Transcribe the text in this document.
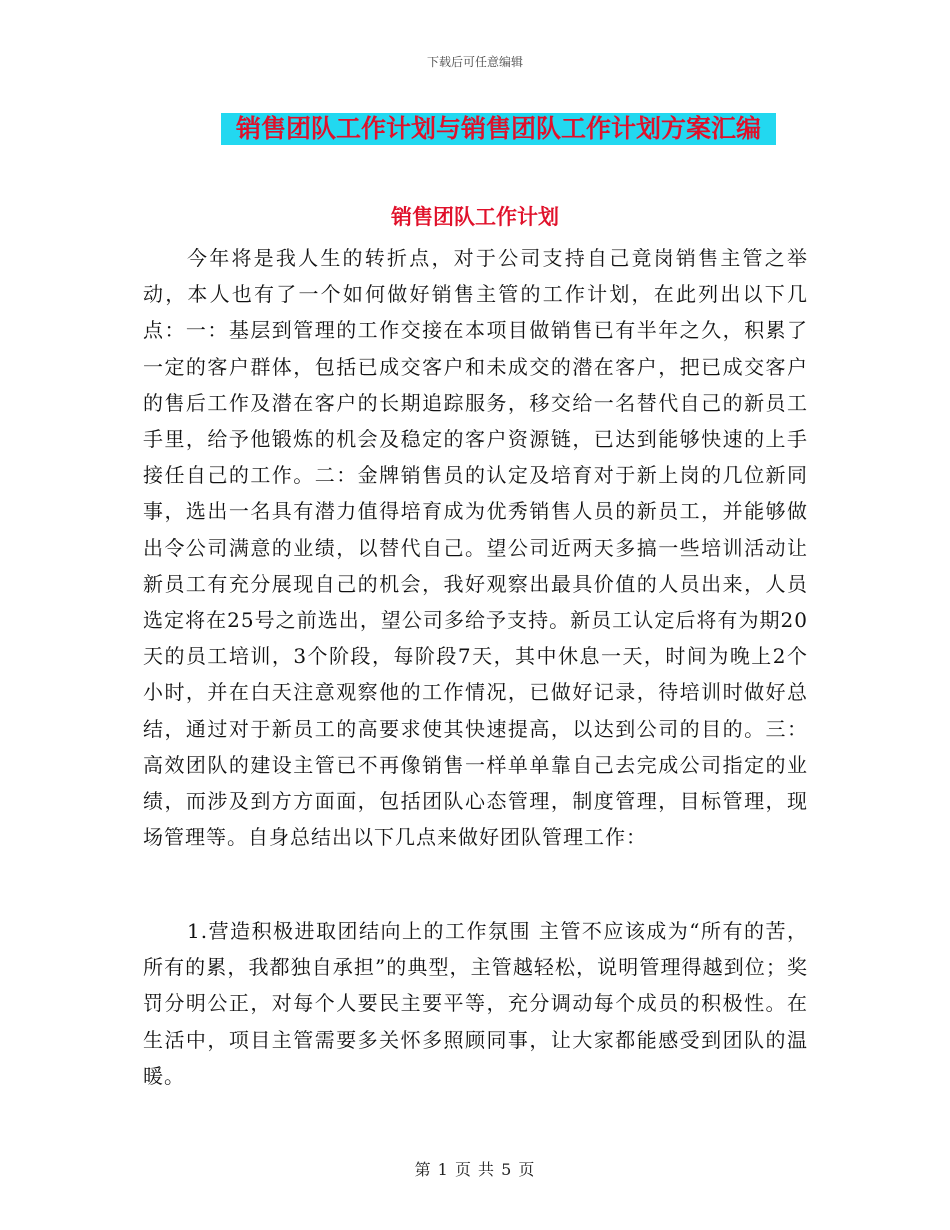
下载后可任意编辑
销售团队工作计划与销售团队工作计划方案汇编
销售团队工作计划

今年将是我人生的转折点，对于公司支持自己竟岗销售主管之举动，本人也有了一个如何做好销售主管的工作计划，在此列出以下几点：一：基层到管理的工作交接在本项目做销售已有半年之久，积累了一定的客户群体，包括已成交客户和未成交的潜在客户，把已成交客户的售后工作及潜在客户的长期追踪服务，移交给一名替代自己的新员工手里，给予他锻炼的机会及稳定的客户资源链，已达到能够快速的上手接任自己的工作。二：金牌销售员的认定及培育对于新上岗的几位新同事，选出一名具有潜力值得培育成为优秀销售人员的新员工，并能够做出令公司满意的业绩，以替代自己。望公司近两天多搞一些培训活动让新员工有充分展现自己的机会，我好观察出最具价值的人员出来，人员选定将在25号之前选出，望公司多给予支持。新员工认定后将有为期20天的员工培训，3个阶段，每阶段7天，其中休息一天，时间为晚上2个小时，并在白天注意观察他的工作情况，已做好记录，待培训时做好总结，通过对于新员工的高要求使其快速提高，以达到公司的目的。三：高效团队的建设主管已不再像销售一样单单靠自己去完成公司指定的业绩，而涉及到方方面面，包括团队心态管理，制度管理，目标管理，现场管理等。自身总结出以下几点来做好团队管理工作：

1.营造积极进取团结向上的工作氛围 主管不应该成为“所有的苦，所有的累，我都独自承担”的典型，主管越轻松，说明管理得越到位；奖罚分明公正，对每个人要民主要平等，充分调动每个成员的积极性。在生活中，项目主管需要多关怀多照顾同事，让大家都能感受到团队的温暖。

第 1 页 共 5 页
